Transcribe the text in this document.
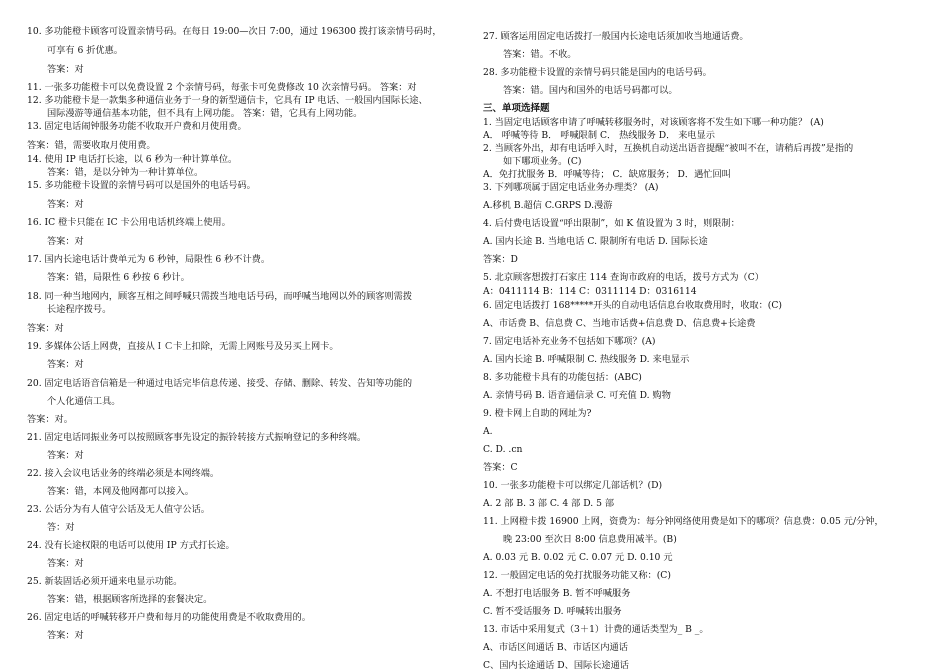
10. 多功能橙卡顾客可设置亲情号码。在每日 19:00—次日 7:00，通过 196300 拨打该亲情号码时，
可享有 6 折优惠。
答案：对
11. 一张多功能橙卡可以免费设置 2 个亲情号码，每张卡可免费修改 10 次亲情号码。 答案：对
12. 多功能橙卡是一款集多种通信业务于一身的新型通信卡，它具有 IP 电话、一般国内国际长途、
国际漫游等通信基本功能，但不具有上网功能。 答案：错，它具有上网功能。
13. 固定电话闹钟服务功能不收取开户费和月使用费。
答案：错，需要收取月使用费。
14. 使用 IP 电话打长途，以 6 秒为一种计算单位。
答案：错，是以分钟为一种计算单位。
15. 多功能橙卡设置的亲情号码可以是国外的电话号码。
答案：对
16. IC 橙卡只能在 IC 卡公用电话机终端上使用。
答案：对
17. 国内长途电话计费单元为 6 秒钟，局限性 6 秒不计费。
答案：错，局限性 6 秒按 6 秒计。
18. 同一种当地网内，顾客互相之间呼喊只需拨当地电话号码，而呼喊当地网以外的顾客则需拨
长途程序拨号。
答案：对
19. 多媒体公话上网费，直接从ＩＣ卡上扣除，无需上网账号及另买上网卡。
答案：对
20. 固定电话语音信箱是一种通过电话完毕信息传递、接受、存储、删除、转发、告知等功能的
个人化通信工具。
答案：对。
21. 固定电话同振业务可以按照顾客事先设定的振铃转接方式振响登记的多种终端。
答案：对
22. 接入会议电话业务的终端必须是本网终端。
答案：错，本网及他网都可以接入。
23. 公话分为有人值守公话及无人值守公话。
答：对
24. 没有长途权限的电话可以使用 IP 方式打长途。
答案：对
25. 新装固话必须开通来电显示功能。
答案：错，根据顾客所选择的套餐决定。
26. 固定电话的呼喊转移开户费和每月的功能使用费是不收取费用的。
答案：对
27. 顾客运用固定电话拨打一般国内长途电话须加收当地通话费。
答案：错。不收。
28. 多功能橙卡设置的亲情号码只能是国内的电话号码。
答案：错。国内和国外的电话号码都可以。
三、单项选择题
1. 当固定电话顾客申请了呼喊转移服务时，对该顾客将不发生如下哪一种功能？ (A)
A． 呼喊等待 B． 呼喊限制 C． 热线服务 D． 来电显示
2. 当顾客外出，却有电话呼入时，互换机自动送出语音提醒“被叫不在，请稍后再拨”是指的
如下哪项业务。(C)
A．免打扰服务 B．呼喊等待； C．缺席服务； D．遇忙回叫
3. 下列哪项属于固定电话业务办理类？ (A)
A.移机 B.超信 C.GRPS D.漫游
4. 后付费电话设置“呼出限制”，如 K 值设置为 3 时，则限制：
A. 国内长途 B. 当地电话 C. 限制所有电话 D. 国际长途
答案：D
5. 北京顾客想拨打石家庄 114 查询市政府的电话，拨号方式为（C）
A：0411114 B：114 C：0311114 D：0316114
6. 固定电话拨打 168*****开头的自动电话信息台收取费用时，收取：(C)
A、市话费 B、信息费 C、当地市话费+信息费 D、信息费+长途费
7. 固定电话补充业务不包括如下哪项？(A)
A. 国内长途 B. 呼喊限制 C. 热线服务 D. 来电显示
8. 多功能橙卡具有的功能包括：(ABC)
A. 亲情号码 B. 语音通信录 C. 可充值 D. 购物
9. 橙卡网上自助的网址为?
A.
C. D. .cn
答案：C
10. 一张多功能橙卡可以绑定几部话机？(D)
A. 2 部 B. 3 部 C. 4 部 D. 5 部
11. 上网橙卡拨 16900 上网，资费为：每分钟网络使用费是如下的哪项？信息费：0.05 元/分钟，
晚 23:00 至次日 8:00 信息费用减半。(B)
A. 0.03 元 B. 0.02 元 C. 0.07 元 D. 0.10 元
12. 一般固定电话的免打扰服务功能又称：(C)
A. 不想打电话服务 B. 暂不呼喊服务
C. 暂不受话服务 D. 呼喊转出服务
13. 市话中采用复式（3＋1）计费的通话类型为_ B _。
A、市话区间通话 B、市话区内通话
C、国内长途通话 D、国际长途通话
